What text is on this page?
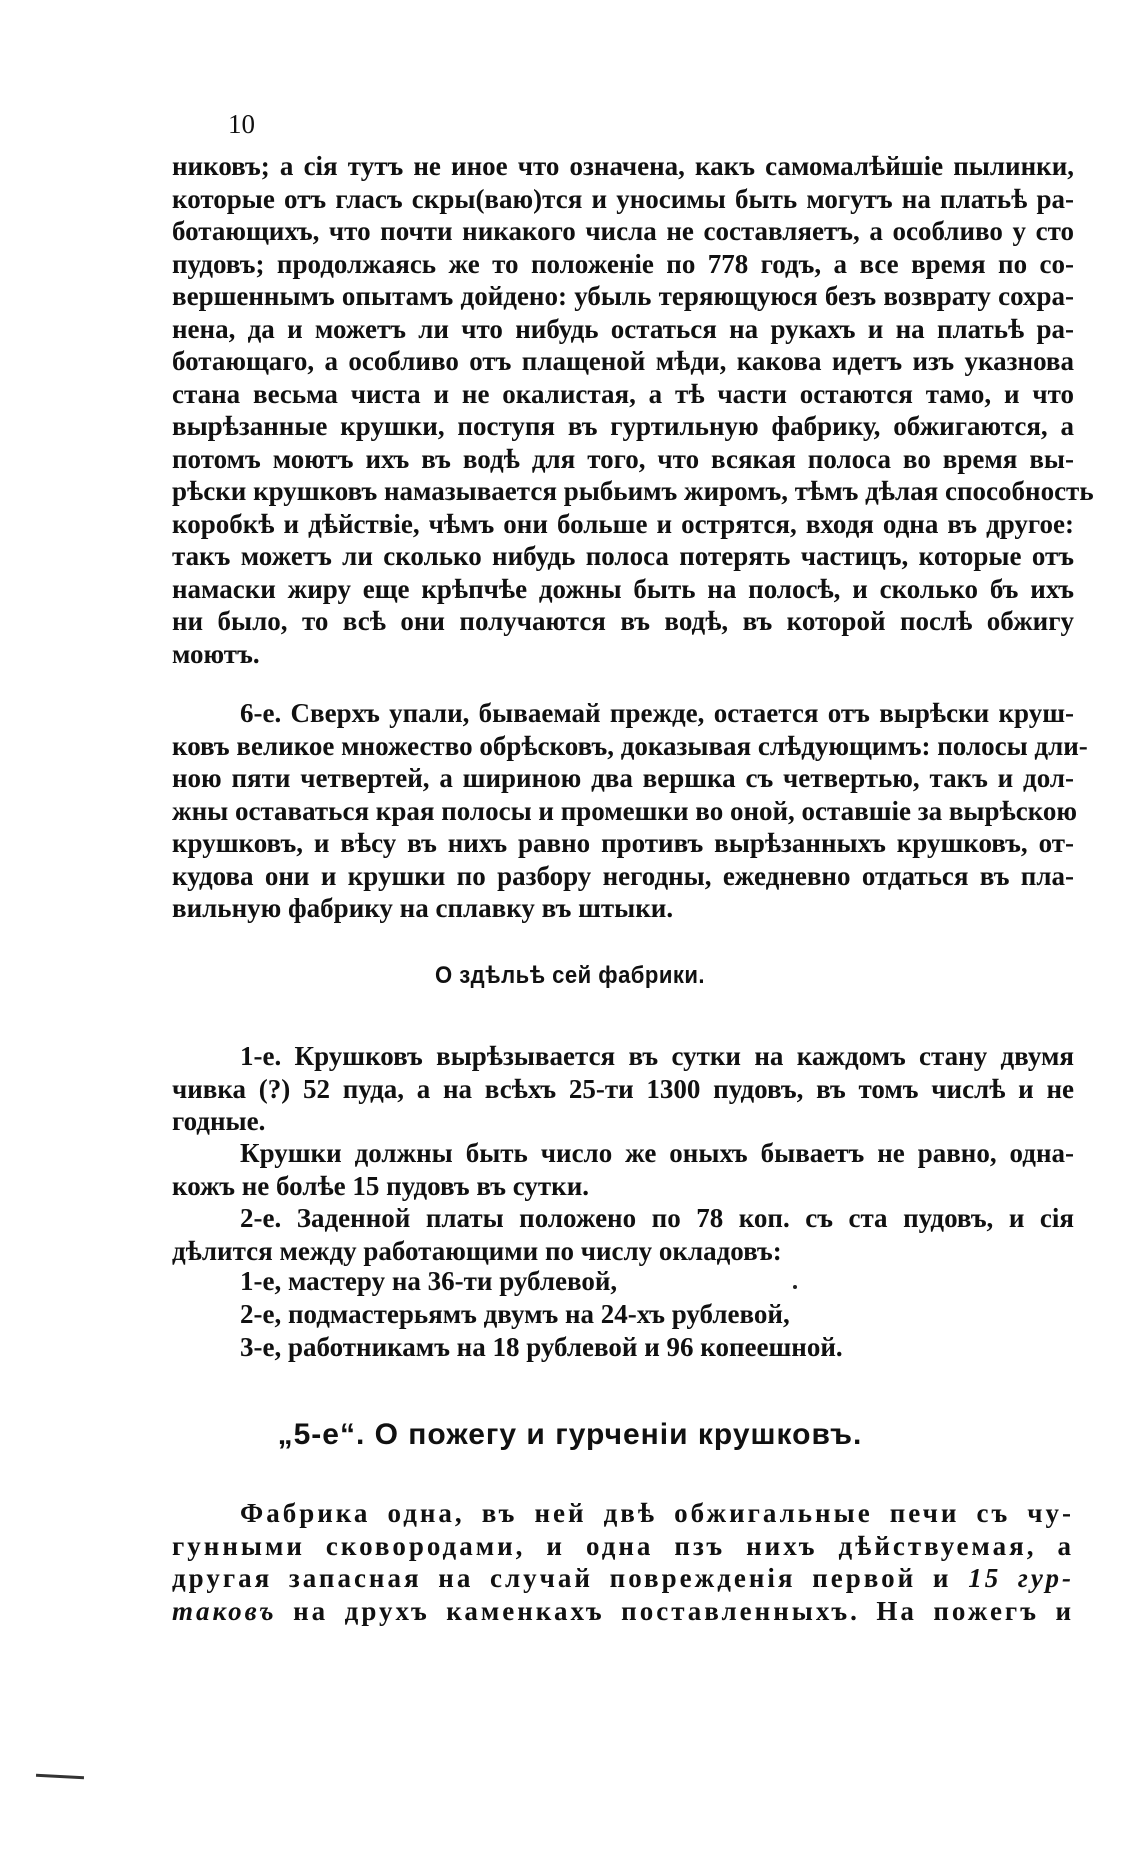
10
никовъ; а сія тутъ не иное что означена, какъ самомалѣйшіе пылинки,
которые отъ гласъ скры(ваю)тся и уносимы быть могутъ на платьѣ ра-
ботающихъ, что почти никакого числа не составляетъ, а особливо у сто
пудовъ; продолжаясь же то положеніе по 778 годъ, а все время по со-
вершеннымъ опытамъ дойдено: убыль теряющуюся безъ возврату сохра-
нена, да и можетъ ли что нибудь остаться на рукахъ и на платьѣ ра-
ботающаго, а особливо отъ плащеной мѣди, какова идетъ изъ указнова
стана весьма чиста и не окалистая, а тѣ части остаются тамо, и что
вырѣзанные крушки, поступя въ гуртильную фабрику, обжигаются, а
потомъ моютъ ихъ въ водѣ для того, что всякая полоса во время вы-
рѣски крушковъ намазывается рыбьимъ жиромъ, тѣмъ дѣлая способность
коробкѣ и дѣйствіе, чѣмъ они больше и острятся, входя одна въ другое:
такъ можетъ ли сколько нибудь полоса потерять частицъ, которые отъ
намаски жиру еще крѣпчѣе дожны быть на полосѣ, и сколько бъ ихъ
ни было, то всѣ они получаются въ водѣ, въ которой послѣ обжигу
моютъ.
6-е. Сверхъ упали, бываемай прежде, остается отъ вырѣски круш-
ковъ великое множество обрѣсковъ, доказывая слѣдующимъ: полосы дли-
ною пяти четвертей, а шириною два вершка съ четвертью, такъ и дол-
жны оставаться края полосы и промешки во оной, оставшіе за вырѣскою
крушковъ, и вѣсу въ нихъ равно противъ вырѣзанныхъ крушковъ, от-
кудова они и крушки по разбору негодны, ежедневно отдаться въ пла-
вильную фабрику на сплавку въ штыки.
О здѣльѣ сей фабрики.
1-е. Крушковъ вырѣзывается въ сутки на каждомъ стану двумя
чивка (?) 52 пуда, а на всѣхъ 25-ти 1300 пудовъ, въ томъ числѣ и не
годные.
Крушки должны быть число же оныхъ бываетъ не равно, одна-
кожъ не болѣе 15 пудовъ въ сутки.
2-е. Заденной платы положено по 78 коп. съ ста пудовъ, и сія
дѣлится между работающими по числу окладовъ:
1-е, мастеру на 36-ти рублевой,
2-е, подмастерьямъ двумъ на 24-хъ рублевой,
3-е, работникамъ на 18 рублевой и 96 копеешной.
„5-е“. О пожегу и гурченіи крушковъ.
Фабрика одна, въ ней двѣ обжигальные печи съ чу-
гунными сковородами, и одна пзъ нихъ дѣйствуемая, а
другая запасная на случай поврежденія первой и 15 гур-
таковъ на друхъ каменкахъ поставленныхъ. На пожегъ и
